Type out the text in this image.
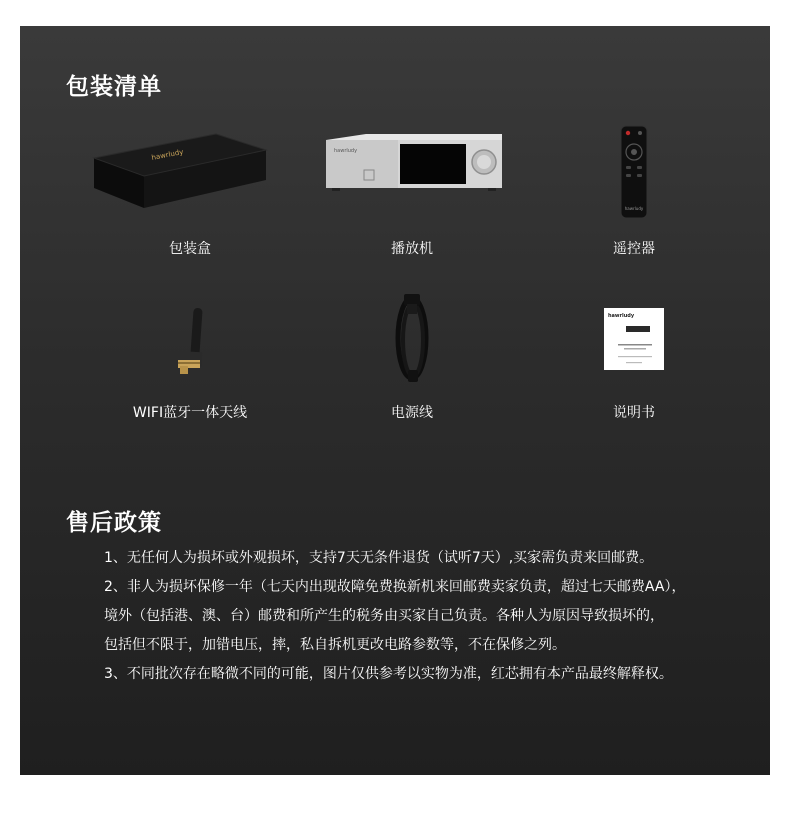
包装清单
hawrludy
包装盒
hawrludy
播放机
hawrludy
遥控器
WIFI蓝牙一体天线	电源线
hawrludy
说明书
售后政策

1、无任何人为损坏或外观损坏，支持7天无条件退货（试听7天）,买家需负责来回邮费。

2、非人为损坏保修一年（七天内出现故障免费换新机来回邮费卖家负责，超过七天邮费AA），

境外（包括港、澳、台）邮费和所产生的税务由买家自己负责。各种人为原因导致损坏的，

包括但不限于，加错电压，摔，私自拆机更改电路参数等，不在保修之列。

3、不同批次存在略微不同的可能，图片仅供参考以实物为准，红芯拥有本产品最终解释权。
